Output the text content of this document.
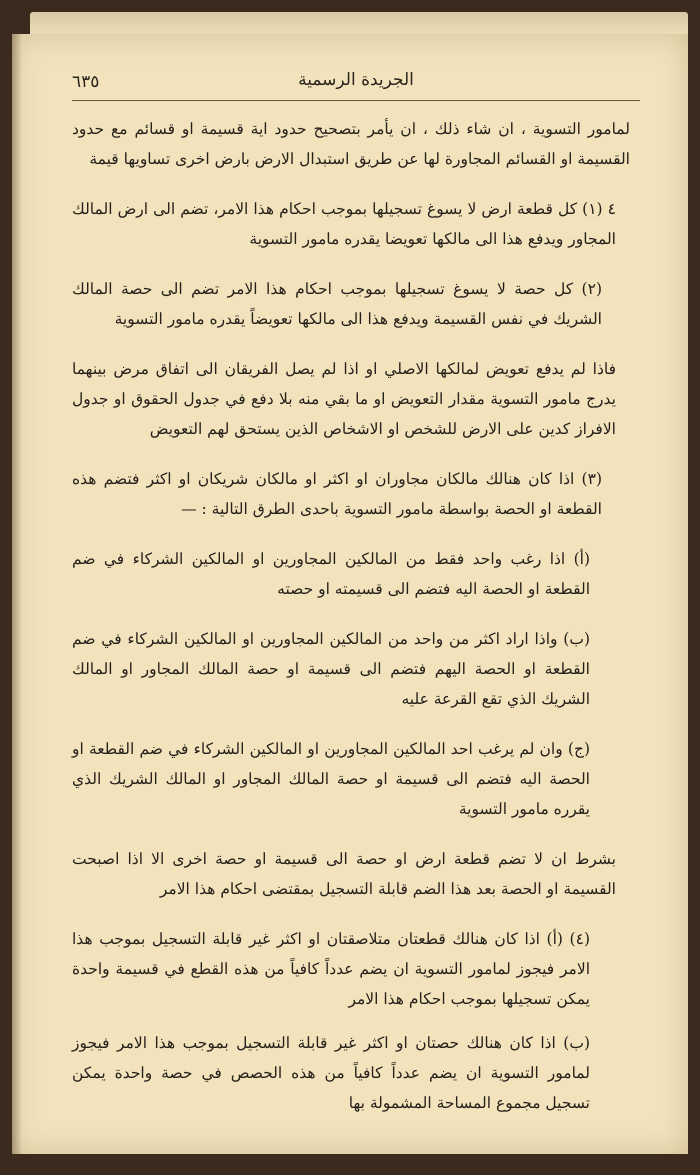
٦٣٥	الجريدة الرسمية

لمامور التسوية ، ان شاء ذلك ، ان يأمر بتصحيح حدود اية قسيمة او قسائم مع حدود القسيمة او القسائم المجاورة لها عن طريق استبدال الارض بارض اخرى تساويها قيمة

٤ (١) كل قطعة ارض لا يسوغ تسجيلها بموجب احكام هذا الامر، تضم الى ارض المالك المجاور ويدفع هذا الى مالكها تعويضا يقدره مامور التسوية

(٢) كل حصة لا يسوغ تسجيلها بموجب احكام هذا الامر تضم الى حصة المالك الشريك في نفس القسيمة ويدفع هذا الى مالكها تعويضاً يقدره مامور التسوية

فاذا لم يدفع تعويض لمالكها الاصلي او اذا لم يصل الفريقان الى اتفاق مرض بينهما يدرج مامور التسوية مقدار التعويض او ما بقي منه بلا دفع في جدول الحقوق او جدول الافراز كدين على الارض للشخص او الاشخاص الذين يستحق لهم التعويض

(٣) اذا كان هنالك مالكان مجاوران او اكثر او مالكان شريكان او اكثر فتضم هذه القطعة او الحصة بواسطة مامور التسوية باحدى الطرق التالية : —

(أ) اذا رغب واحد فقط من المالكين المجاورين او المالكين الشركاء في ضم القطعة او الحصة اليه فتضم الى قسيمته او حصته

(ب) واذا اراد اكثر من واحد من المالكين المجاورين او المالكين الشركاء في ضم القطعة او الحصة اليهم فتضم الى قسيمة او حصة المالك المجاور او المالك الشريك الذي تقع القرعة عليه

(ج) وان لم يرغب احد المالكين المجاورين او المالكين الشركاء في ضم القطعة او الحصة اليه فتضم الى قسيمة او حصة المالك المجاور او المالك الشريك الذي يقرره مامور التسوية

بشرط ان لا تضم قطعة ارض او حصة الى قسيمة او حصة اخرى الا اذا اصبحت القسيمة او الحصة بعد هذا الضم قابلة التسجيل بمقتضى احكام هذا الامر

(٤) (أ) اذا كان هنالك قطعتان متلاصقتان او اكثر غير قابلة التسجيل بموجب هذا الامر فيجوز لمامور التسوية ان يضم عدداً كافياً من هذه القطع في قسيمة واحدة يمكن تسجيلها بموجب احكام هذا الامر

(ب) اذا كان هنالك حصتان او اكثر غير قابلة التسجيل بموجب هذا الامر فيجوز لمامور التسوية ان يضم عدداً كافياً من هذه الحصص في حصة واحدة يمكن تسجيل مجموع المساحة المشمولة بها
